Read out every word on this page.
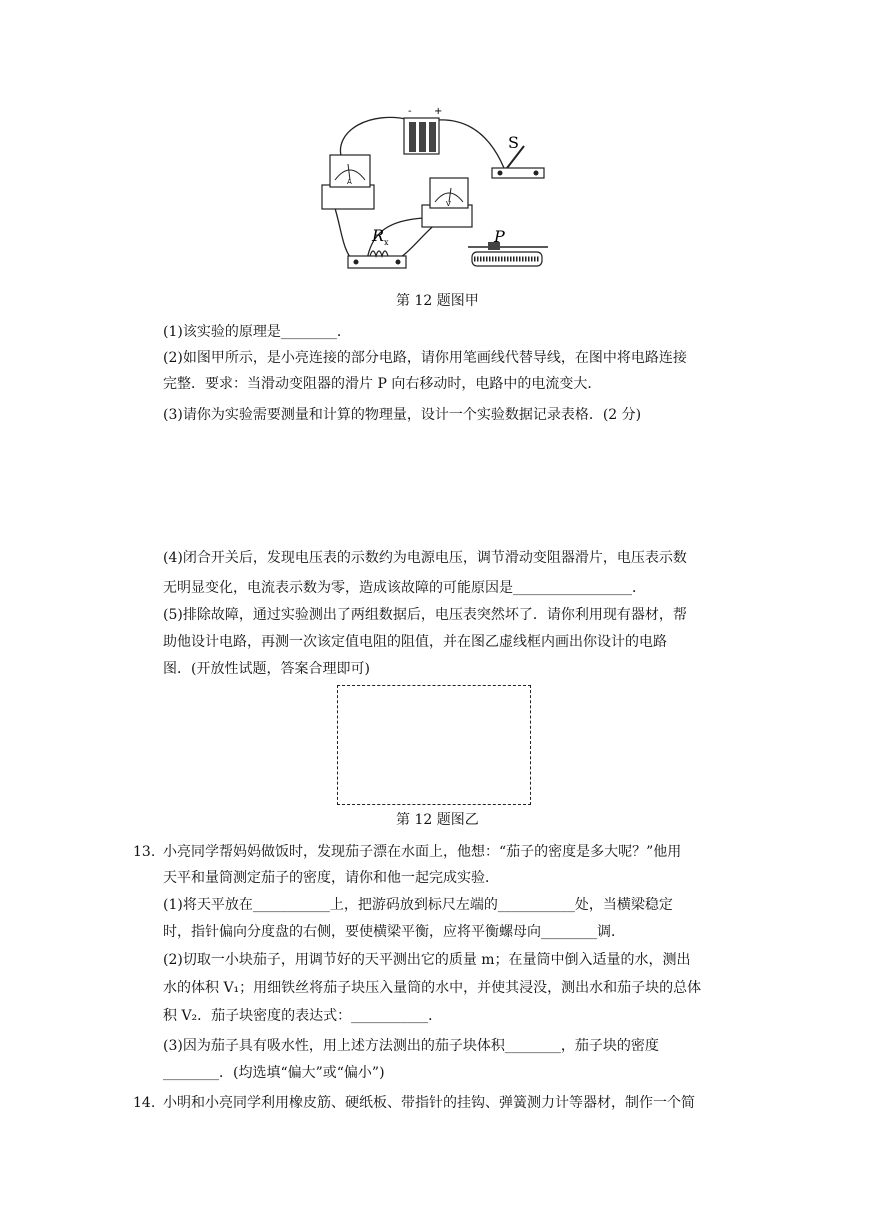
- +
S
A
V
R x	P
第 12 题图甲
(1)该实验的原理是________．
(2)如图甲所示，是小亮连接的部分电路，请你用笔画线代替导线，在图中将电路连接
完整．要求：当滑动变阻器的滑片 P 向右移动时，电路中的电流变大．
(3)请你为实验需要测量和计算的物理量，设计一个实验数据记录表格．(2 分)
(4)闭合开关后，发现电压表的示数约为电源电压，调节滑动变阻器滑片，电压表示数
无明显变化，电流表示数为零，造成该故障的可能原因是_________________．
(5)排除故障，通过实验测出了两组数据后，电压表突然坏了．请你利用现有器材，帮
助他设计电路，再测一次该定值电阻的阻值，并在图乙虚线框内画出你设计的电路
图．(开放性试题，答案合理即可)
第 12 题图乙
13. 小亮同学帮妈妈做饭时，发现茄子漂在水面上，他想：“茄子的密度是多大呢？”他用
天平和量筒测定茄子的密度，请你和他一起完成实验．
(1)将天平放在___________上，把游码放到标尺左端的___________处，当横梁稳定
时，指针偏向分度盘的右侧，要使横梁平衡，应将平衡螺母向________调．
(2)切取一小块茄子，用调节好的天平测出它的质量 m；在量筒中倒入适量的水，测出
水的体积 V₁；用细铁丝将茄子块压入量筒的水中，并使其浸没，测出水和茄子块的总体
积 V₂．茄子块密度的表达式：___________．
(3)因为茄子具有吸水性，用上述方法测出的茄子块体积________，茄子块的密度
________．(均选填“偏大”或“偏小”)
14. 小明和小亮同学利用橡皮筋、硬纸板、带指针的挂钩、弹簧测力计等器材，制作一个简
